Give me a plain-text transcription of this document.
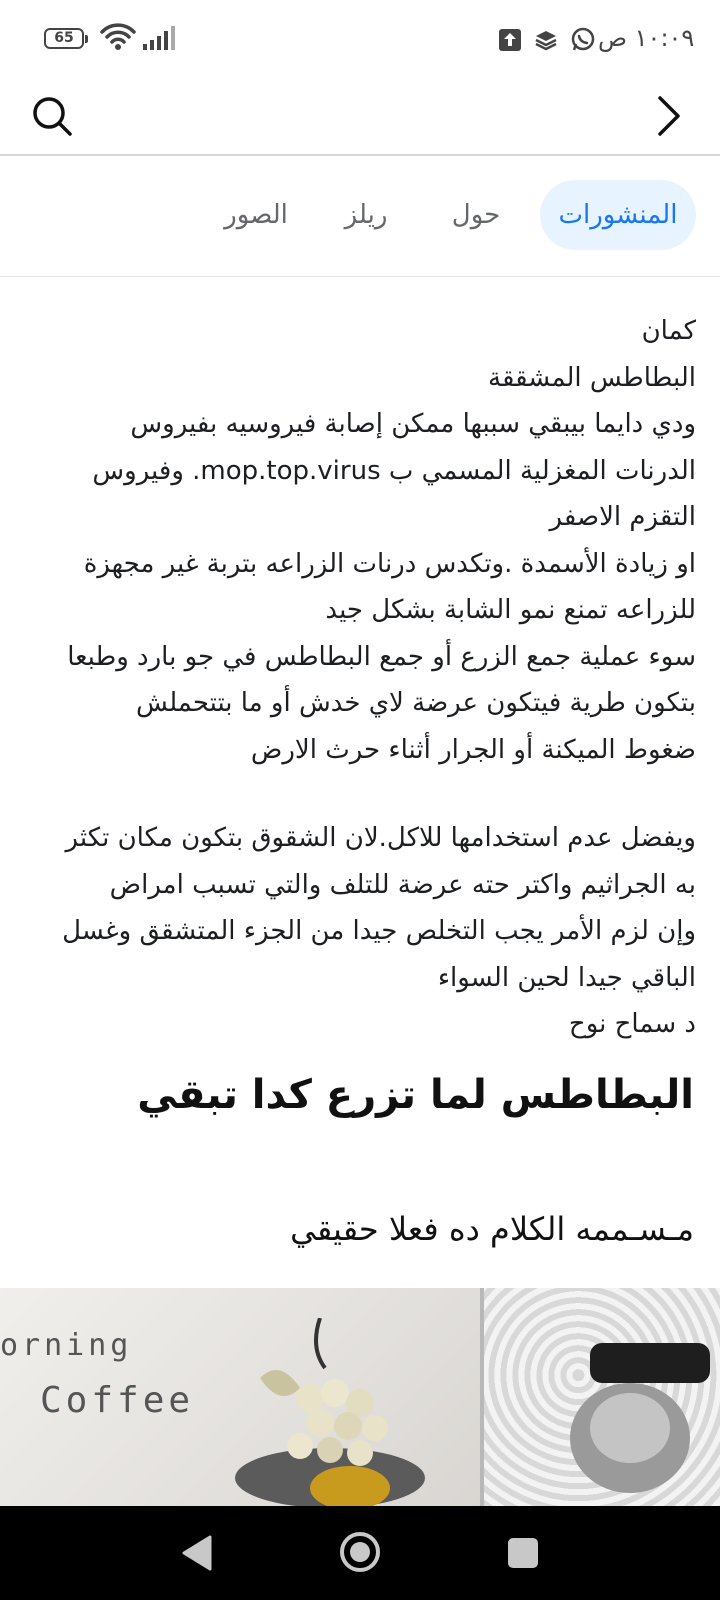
65	١٠:٠٩ ص
المنشورات
حول
ريلز
الصور
كمان
البطاطس المشققة
ودي دايما بيبقي سببها ممكن إصابة فيروسيه بفيروس
الدرنات المغزلية المسمي ب mop.top.virus. وفيروس
التقزم الاصفر
او زيادة الأسمدة .وتكدس درنات الزراعه بتربة غير مجهزة
للزراعه تمنع نمو الشابة بشكل جيد
سوء عملية جمع الزرع أو جمع البطاطس في جو بارد وطبعا
بتكون طرية فيتكون عرضة لاي خدش أو ما بتتحملش
ضغوط الميكنة أو الجرار أثناء حرث الارض
ويفضل عدم استخدامها للاكل.لان الشقوق بتكون مكان تكثر
به الجراثيم واكتر حته عرضة للتلف والتي تسبب امراض
وإن لزم الأمر يجب التخلص جيدا من الجزء المتشقق وغسل
الباقي جيدا لحين السواء
د سماح نوح
البطاطس لما تزرع كدا تبقي
مـسـممه الكلام ده فعلا حقيقي
orning
Coffee
